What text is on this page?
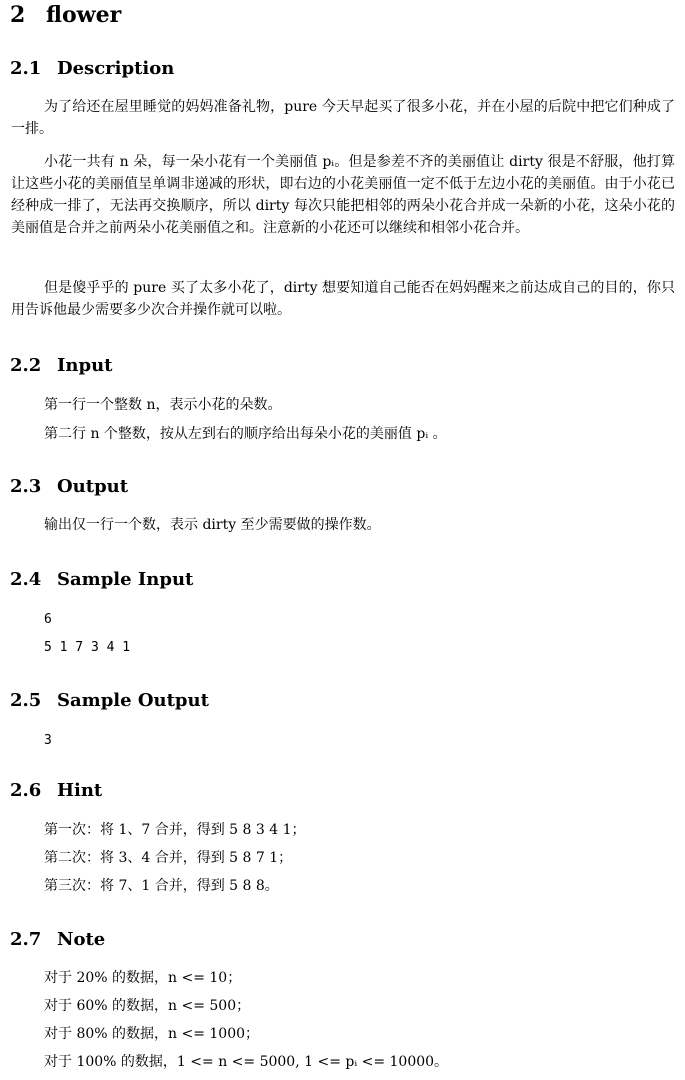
2 flower
2.1 Description
为了给还在屋里睡觉的妈妈准备礼物，pure 今天早起买了很多小花，并在小屋的后院中把它们种成了一排。
小花一共有 n 朵，每一朵小花有一个美丽值 pᵢ。但是参差不齐的美丽值让 dirty 很是不舒服，他打算让这些小花的美丽值呈单调非递减的形状，即右边的小花美丽值一定不低于左边小花的美丽值。由于小花已经种成一排了，无法再交换顺序，所以 dirty 每次只能把相邻的两朵小花合并成一朵新的小花，这朵小花的美丽值是合并之前两朵小花美丽值之和。注意新的小花还可以继续和相邻小花合并。
但是傻乎乎的 pure 买了太多小花了，dirty 想要知道自己能否在妈妈醒来之前达成自己的目的，你只用告诉他最少需要多少次合并操作就可以啦。
2.2 Input
第一行一个整数 n，表示小花的朵数。
第二行 n 个整数，按从左到右的顺序给出每朵小花的美丽值 pᵢ 。
2.3 Output
输出仅一行一个数，表示 dirty 至少需要做的操作数。
2.4 Sample Input
6
5 1 7 3 4 1
2.5 Sample Output
3
2.6 Hint
第一次：将 1、7 合并，得到 5 8 3 4 1；
第二次：将 3、4 合并，得到 5 8 7 1；
第三次：将 7、1 合并，得到 5 8 8。
2.7 Note
对于 20% 的数据，n <= 10；
对于 60% 的数据，n <= 500；
对于 80% 的数据，n <= 1000；
对于 100% 的数据，1 <= n <= 5000, 1 <= pᵢ <= 10000。
